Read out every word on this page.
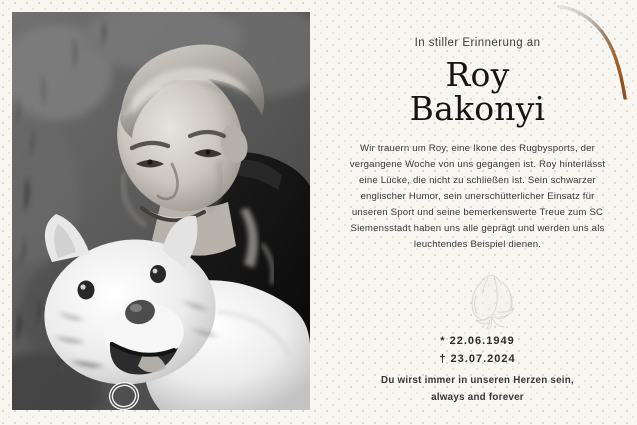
In stiller Erinnerung an
Roy
Bakonyi
Wir trauern um Roy, eine Ikone des Rugbysports, der vergangene Woche von uns gegangen ist. Roy hinterlässt eine Lücke, die nicht zu schließen ist. Sein schwarzer englischer Humor, sein unerschütterlicher Einsatz für unseren Sport und seine bemerkenswerte Treue zum SC Siemensstadt haben uns alle geprägt und werden uns als leuchtendes Beispiel dienen.
* 22.06.1949
† 23.07.2024
Du wirst immer in unseren Herzen sein,
always and forever
